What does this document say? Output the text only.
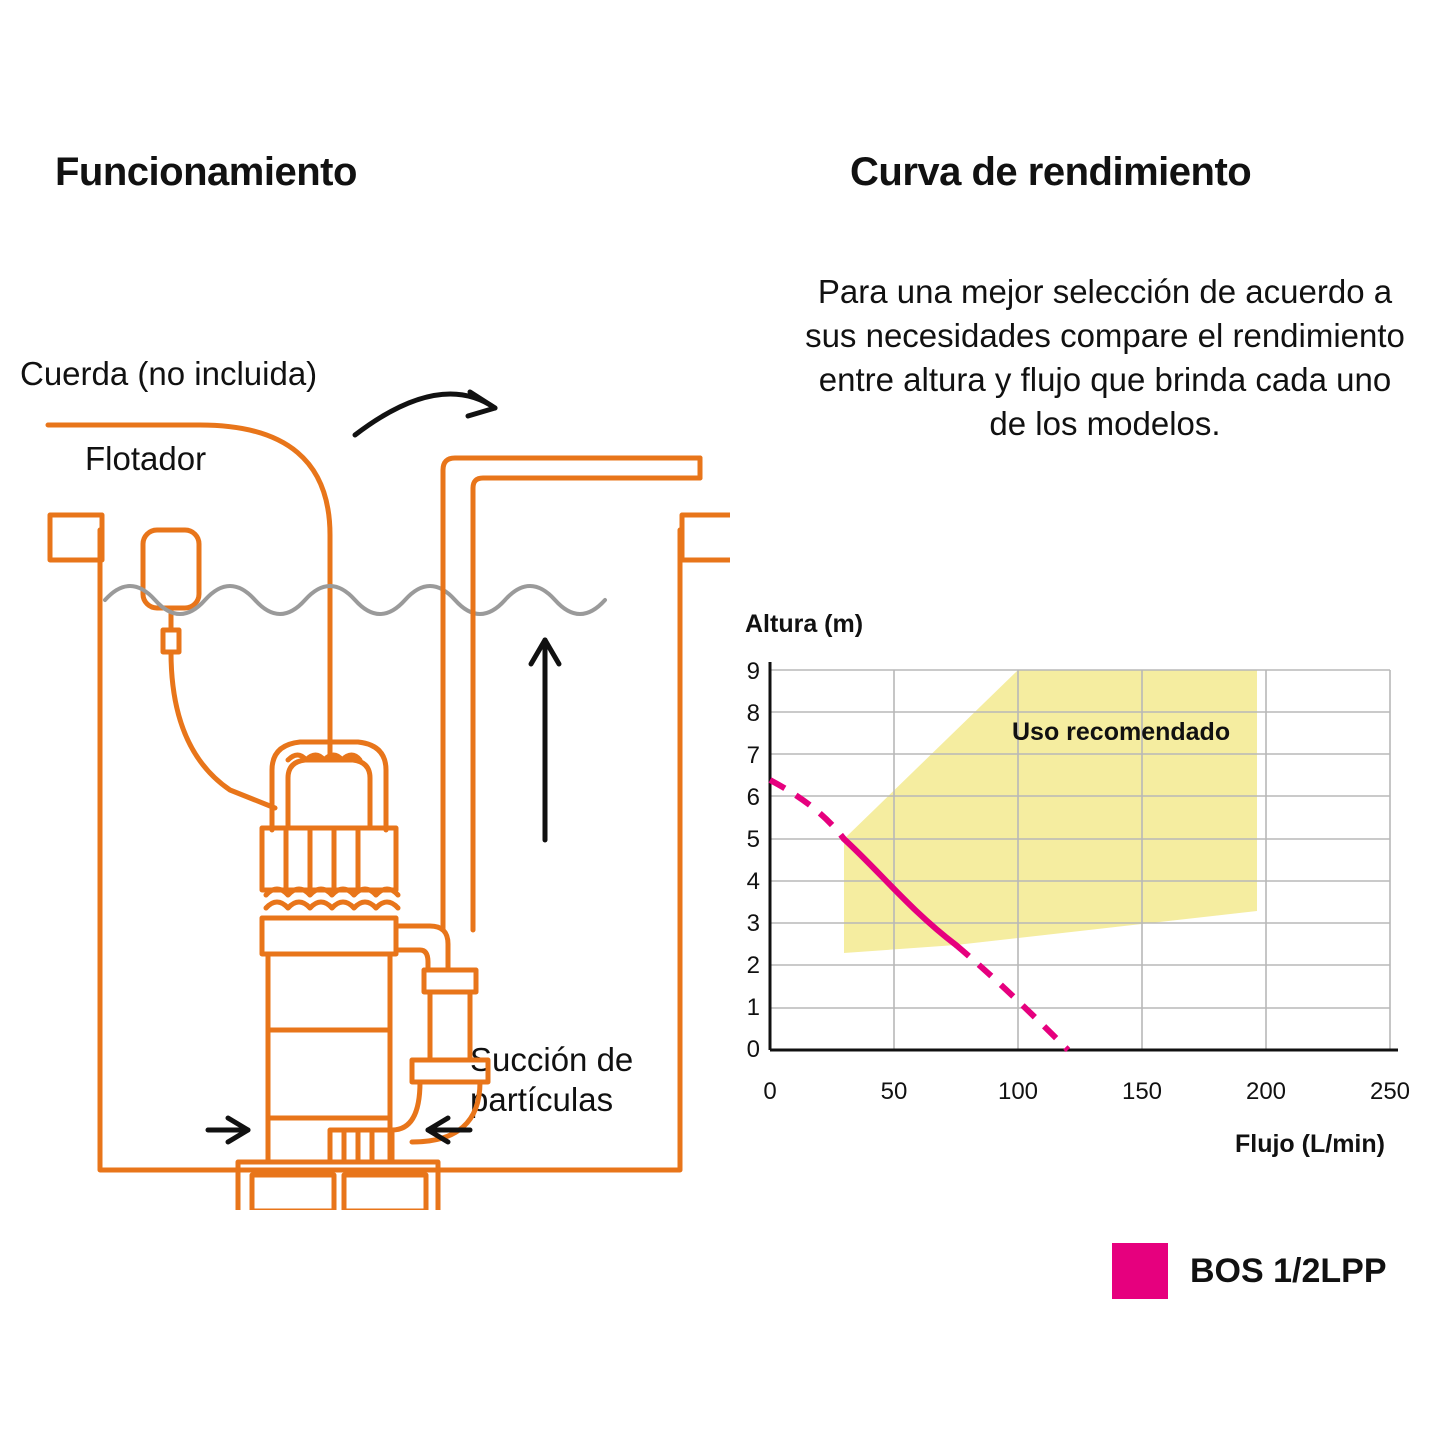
Funcionamiento	Curva de rendimiento
Para una mejor selección de acuerdo a sus necesidades compare el rendimiento entre altura y flujo que brinda cada uno de los modelos.
Cuerda (no incluida)
Flotador
Succión de partículas
Altura (m)
Flujo (L/min)
9
8
7
6
5
4
3
2
1
0
0	50	100	150	200	250
Uso recomendado
BOS 1/2LPP
